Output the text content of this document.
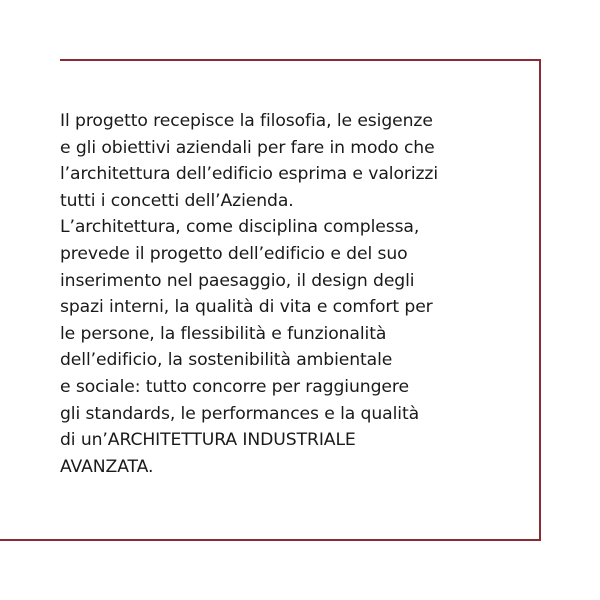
Il progetto recepisce la filosofia, le esigenze
e gli obiettivi aziendali per fare in modo che
l’architettura dell’edificio esprima e valorizzi
tutti i concetti dell’Azienda.
L’architettura, come disciplina complessa,
prevede il progetto dell’edificio e del suo
inserimento nel paesaggio, il design degli
spazi interni, la qualità di vita e comfort per
le persone, la flessibilità e funzionalità
dell’edificio, la sostenibilità ambientale
e sociale: tutto concorre per raggiungere
gli standards, le performances e la qualità
di un’ARCHITETTURA INDUSTRIALE
AVANZATA.
